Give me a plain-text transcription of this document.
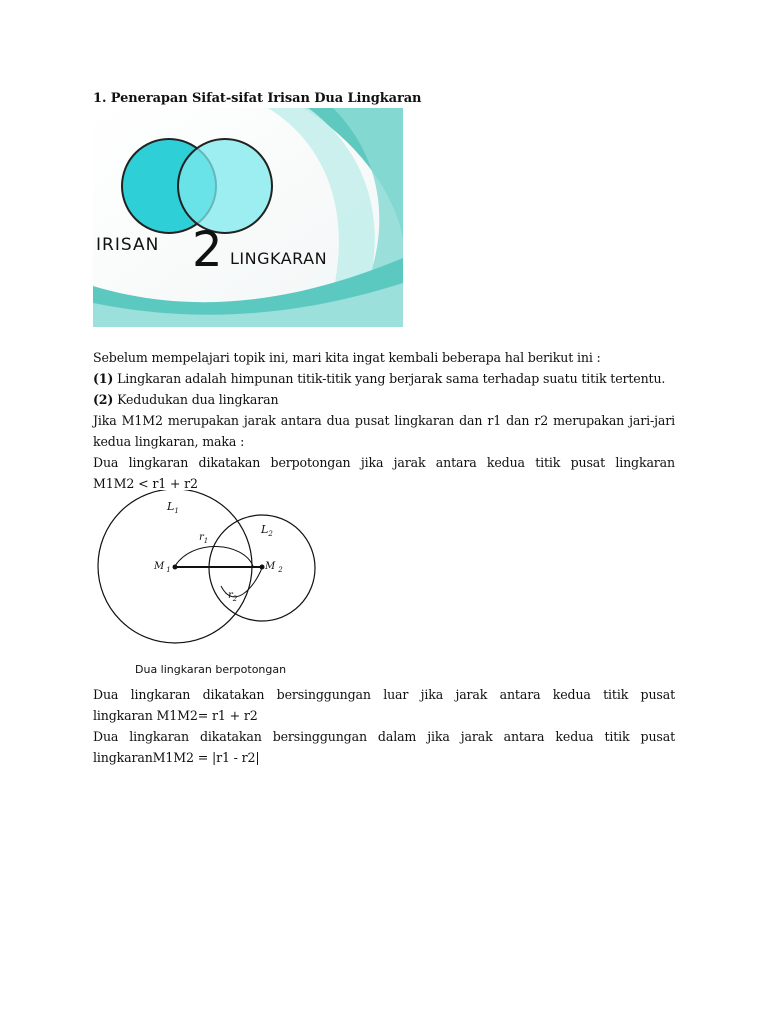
1. Penerapan Sifat-sifat Irisan Dua Lingkaran
IRISAN 2 LINGKARAN

Sebelum mempelajari topik ini, mari kita ingat kembali beberapa hal berikut ini :

(1) Lingkaran adalah himpunan titik-titik yang berjarak sama terhadap suatu titik tertentu.

(2) Kedudukan dua lingkaran

Jika M1M2 merupakan jarak antara dua pusat lingkaran dan r1 dan r2 merupakan jari-jari kedua lingkaran, maka :

Dua lingkaran dikatakan berpotongan jika jarak antara kedua titik pusat lingkaran

M1M2 < r1 + r2

$L_1$
$L_2$
$r_1$
$r_2$
M $_1$	M $_2$
Dua lingkaran berpotongan

Dua lingkaran dikatakan bersinggungan luar jika jarak antara kedua titik pusat

lingkaran M1M2= r1 + r2

Dua lingkaran dikatakan bersinggungan dalam jika jarak antara kedua titik pusat

lingkaranM1M2 = |r1 - r2|
